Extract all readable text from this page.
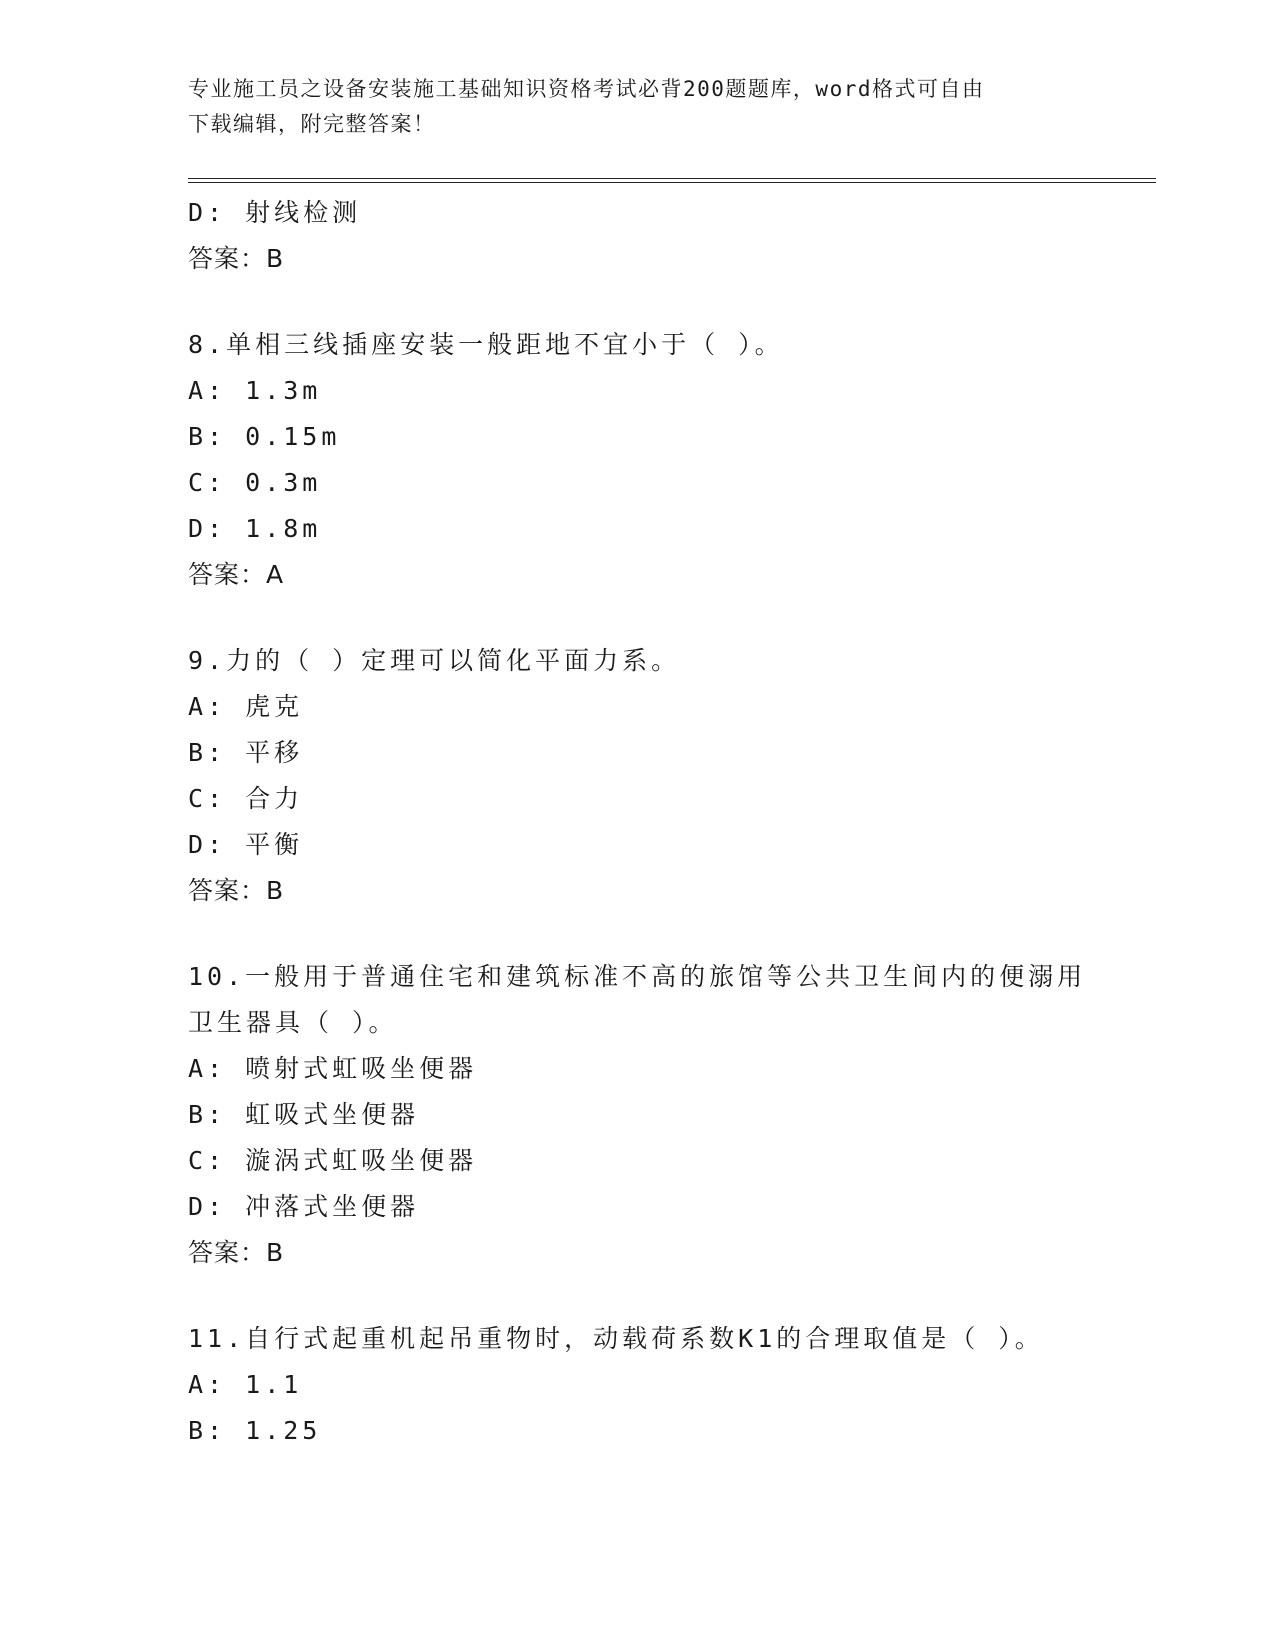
专业施工员之设备安装施工基础知识资格考试必背200题题库，word格式可自由
下载编辑，附完整答案！
D: 射线检测
答案：B
8.单相三线插座安装一般距地不宜小于（ ）。
A: 1.3m
B: 0.15m
C: 0.3m
D: 1.8m
答案：A
9.力的（ ）定理可以简化平面力系。
A: 虎克
B: 平移
C: 合力
D: 平衡
答案：B
10.一般用于普通住宅和建筑标准不高的旅馆等公共卫生间内的便溺用
卫生器具（ ）。
A: 喷射式虹吸坐便器
B: 虹吸式坐便器
C: 漩涡式虹吸坐便器
D: 冲落式坐便器
答案：B
11.自行式起重机起吊重物时，动载荷系数K1的合理取值是（ ）。
A: 1.1
B: 1.25
